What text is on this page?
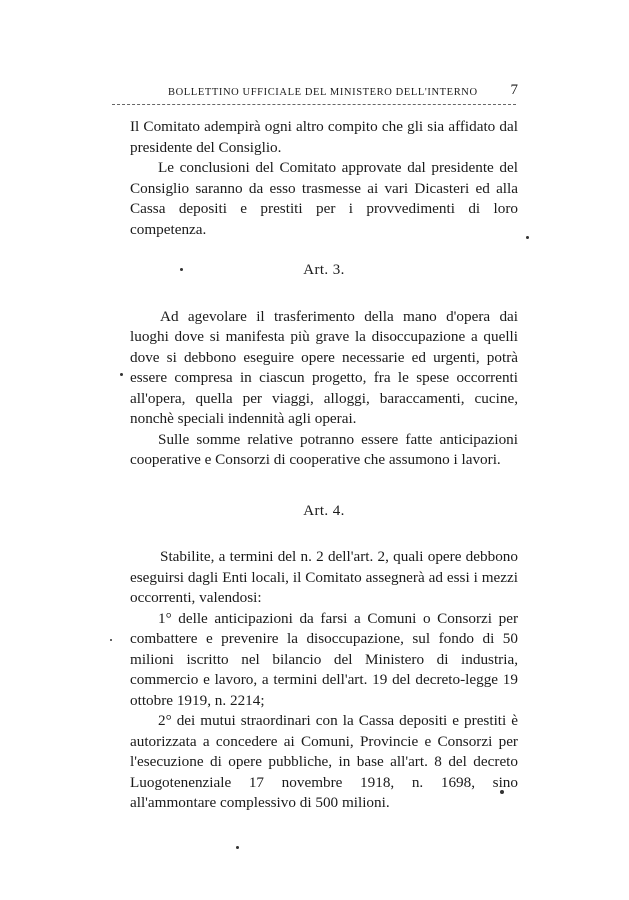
BOLLETTINO UFFICIALE DEL MINISTERO DELL'INTERNO 7

Il Comitato adempirà ogni altro compito che gli sia affidato dal presidente del Consiglio.

Le conclusioni del Comitato approvate dal presidente del Consiglio saranno da esso trasmesse ai vari Dicasteri ed alla Cassa depositi e prestiti per i provvedimenti di loro competenza.

Art. 3.

Ad agevolare il trasferimento della mano d'opera dai luoghi dove si manifesta più grave la disoccupazione a quelli dove si debbono eseguire opere necessarie ed urgenti, potrà essere compresa in ciascun progetto, fra le spese occorrenti all'opera, quella per viaggi, alloggi, baraccamenti, cucine, nonchè speciali indennità agli operai.

Sulle somme relative potranno essere fatte anticipazioni cooperative e Consorzi di cooperative che assumono i lavori.

Art. 4.

Stabilite, a termini del n. 2 dell'art. 2, quali opere debbono eseguirsi dagli Enti locali, il Comitato assegnerà ad essi i mezzi occorrenti, valendosi:

1° delle anticipazioni da farsi a Comuni o Consorzi per combattere e prevenire la disoccupazione, sul fondo di 50 milioni iscritto nel bilancio del Ministero di industria, commercio e lavoro, a termini dell'art. 19 del decreto-legge 19 ottobre 1919, n. 2214;

2° dei mutui straordinari con la Cassa depositi e prestiti è autorizzata a concedere ai Comuni, Provincie e Consorzi per l'esecuzione di opere pubbliche, in base all'art. 8 del decreto Luogotenenziale 17 novembre 1918, n. 1698, sino all'ammontare complessivo di 500 milioni.
